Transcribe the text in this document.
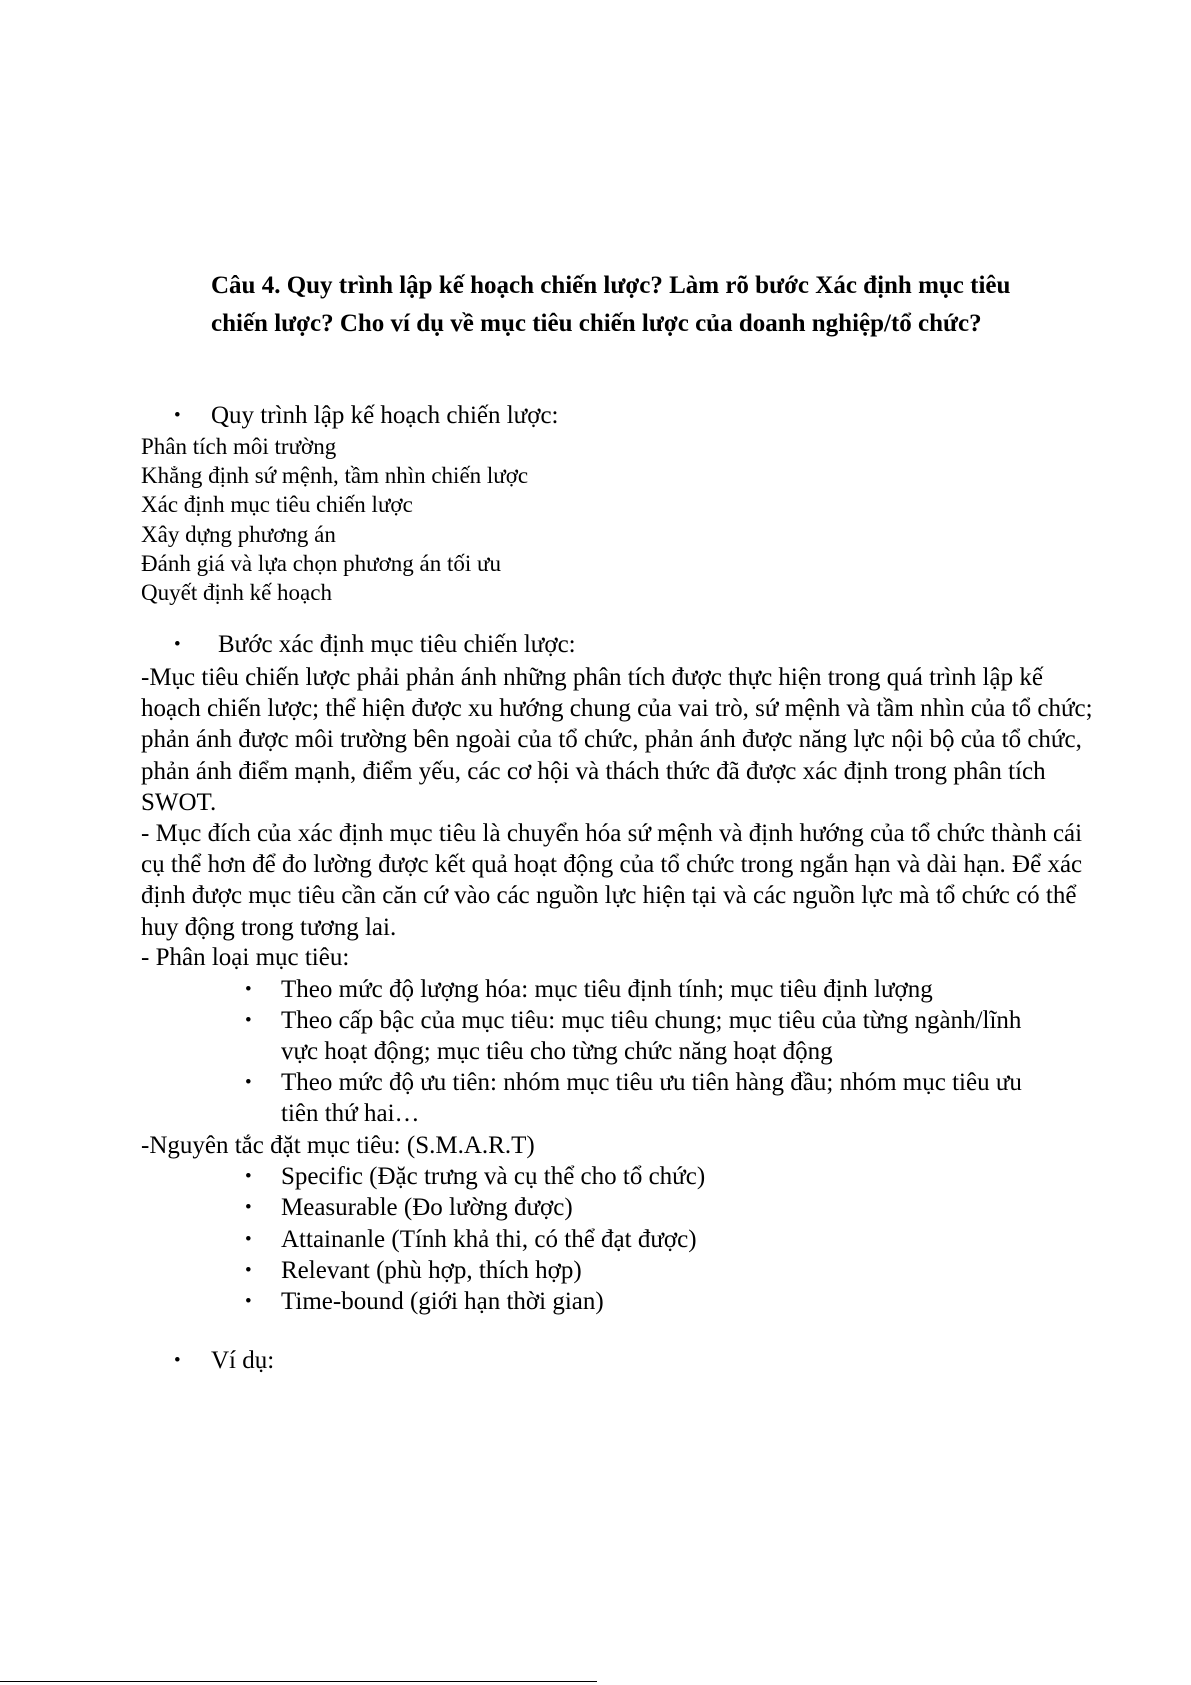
Câu 4. Quy trình lập kế hoạch chiến lược? Làm rõ bước Xác định mục tiêu chiến lược? Cho ví dụ về mục tiêu chiến lược của doanh nghiệp/tổ chức?
• Quy trình lập kế hoạch chiến lược:
Phân tích môi trường
Khẳng định sứ mệnh, tầm nhìn chiến lược
Xác định mục tiêu chiến lược
Xây dựng phương án
Đánh giá và lựa chọn phương án tối ưu
Quyết định kế hoạch
• Bước xác định mục tiêu chiến lược:
-Mục tiêu chiến lược phải phản ánh những phân tích được thực hiện trong quá trình lập kế hoạch chiến lược; thể hiện được xu hướng chung của vai trò, sứ mệnh và tầm nhìn của tổ chức; phản ánh được môi trường bên ngoài của tổ chức, phản ánh được năng lực nội bộ của tổ chức, phản ánh điểm mạnh, điểm yếu, các cơ hội và thách thức đã được xác định trong phân tích SWOT.
- Mục đích của xác định mục tiêu là chuyển hóa sứ mệnh và định hướng của tổ chức thành cái cụ thể hơn để đo lường được kết quả hoạt động của tổ chức trong ngắn hạn và dài hạn. Để xác định được mục tiêu cần căn cứ vào các nguồn lực hiện tại và các nguồn lực mà tổ chức có thể huy động trong tương lai.
- Phân loại mục tiêu:
• Theo mức độ lượng hóa: mục tiêu định tính; mục tiêu định lượng
• Theo cấp bậc của mục tiêu: mục tiêu chung; mục tiêu của từng ngành/lĩnh vực hoạt động; mục tiêu cho từng chức năng hoạt động
• Theo mức độ ưu tiên: nhóm mục tiêu ưu tiên hàng đầu; nhóm mục tiêu ưu tiên thứ hai…
-Nguyên tắc đặt mục tiêu: (S.M.A.R.T)
• Specific (Đặc trưng và cụ thể cho tổ chức)
• Measurable (Đo lường được)
• Attainanle (Tính khả thi, có thể đạt được)
• Relevant (phù hợp, thích hợp)
• Time-bound (giới hạn thời gian)
• Ví dụ:
